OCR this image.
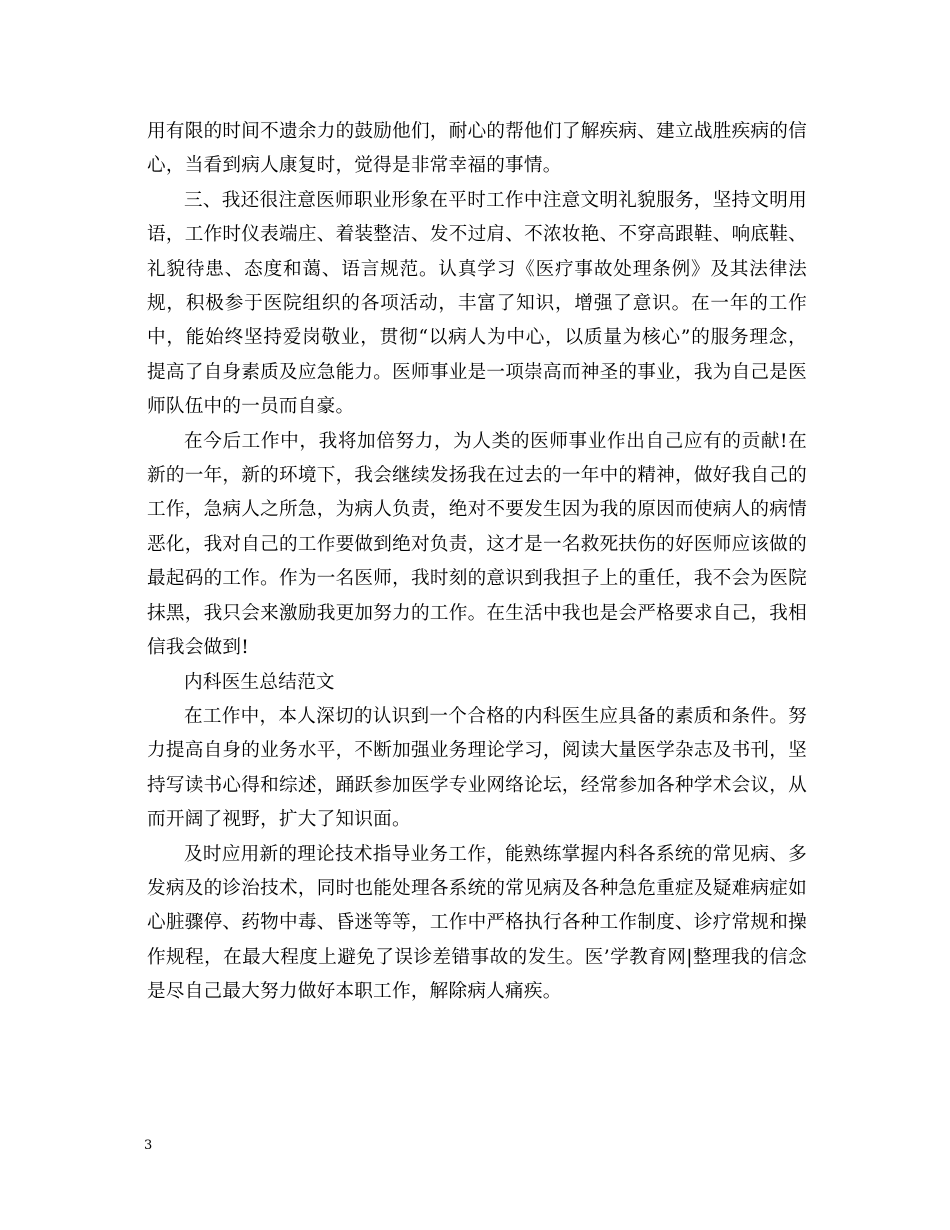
用有限的时间不遗余力的鼓励他们，耐心的帮他们了解疾病、建立战胜疾病的信心，当看到病人康复时，觉得是非常幸福的事情。

三、我还很注意医师职业形象在平时工作中注意文明礼貌服务，坚持文明用语，工作时仪表端庄、着装整洁、发不过肩、不浓妆艳、不穿高跟鞋、响底鞋、礼貌待患、态度和蔼、语言规范。认真学习《医疗事故处理条例》及其法律法规，积极参于医院组织的各项活动，丰富了知识，增强了意识。在一年的工作中，能始终坚持爱岗敬业，贯彻“以病人为中心，以质量为核心”的服务理念，提高了自身素质及应急能力。医师事业是一项崇高而神圣的事业，我为自己是医师队伍中的一员而自豪。

在今后工作中，我将加倍努力，为人类的医师事业作出自己应有的贡献!在新的一年，新的环境下，我会继续发扬我在过去的一年中的精神，做好我自己的工作，急病人之所急，为病人负责，绝对不要发生因为我的原因而使病人的病情恶化，我对自己的工作要做到绝对负责，这才是一名救死扶伤的好医师应该做的最起码的工作。作为一名医师，我时刻的意识到我担子上的重任，我不会为医院抹黑，我只会来激励我更加努力的工作。在生活中我也是会严格要求自己，我相信我会做到!

内科医生总结范文

在工作中，本人深切的认识到一个合格的内科医生应具备的素质和条件。努力提高自身的业务水平，不断加强业务理论学习，阅读大量医学杂志及书刊，坚持写读书心得和综述，踊跃参加医学专业网络论坛，经常参加各种学术会议，从而开阔了视野，扩大了知识面。

及时应用新的理论技术指导业务工作，能熟练掌握内科各系统的常见病、多发病及的诊治技术，同时也能处理各系统的常见病及各种急危重症及疑难病症如心脏骤停、药物中毒、昏迷等等，工作中严格执行各种工作制度、诊疗常规和操作规程，在最大程度上避免了误诊差错事故的发生。医’学教育网|整理我的信念是尽自己最大努力做好本职工作，解除病人痛疾。

3
